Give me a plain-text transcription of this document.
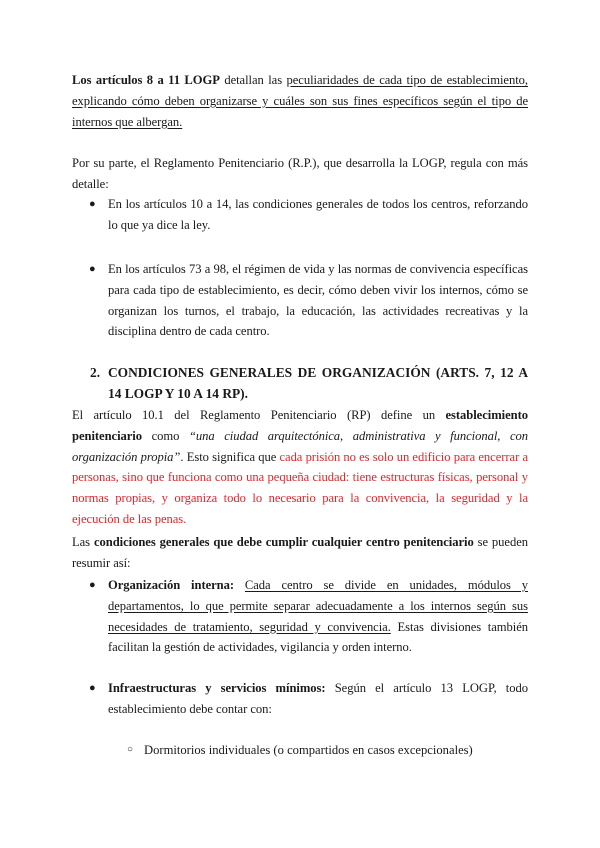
Los artículos 8 a 11 LOGP detallan las peculiaridades de cada tipo de establecimiento, explicando cómo deben organizarse y cuáles son sus fines específicos según el tipo de internos que albergan.
Por su parte, el Reglamento Penitenciario (R.P.), que desarrolla la LOGP, regula con más detalle:
● En los artículos 10 a 14, las condiciones generales de todos los centros, reforzando lo que ya dice la ley.
● En los artículos 73 a 98, el régimen de vida y las normas de convivencia específicas para cada tipo de establecimiento, es decir, cómo deben vivir los internos, cómo se organizan los turnos, el trabajo, la educación, las actividades recreativas y la disciplina dentro de cada centro.
2. CONDICIONES GENERALES DE ORGANIZACIÓN (ARTS. 7, 12 A 14 LOGP Y 10 A 14 RP).
El artículo 10.1 del Reglamento Penitenciario (RP) define un establecimiento penitenciario como “una ciudad arquitectónica, administrativa y funcional, con organización propia”. Esto significa que cada prisión no es solo un edificio para encerrar a personas, sino que funciona como una pequeña ciudad: tiene estructuras físicas, personal y normas propias, y organiza todo lo necesario para la convivencia, la seguridad y la ejecución de las penas.
Las condiciones generales que debe cumplir cualquier centro penitenciario se pueden resumir así:
● Organización interna: Cada centro se divide en unidades, módulos y departamentos, lo que permite separar adecuadamente a los internos según sus necesidades de tratamiento, seguridad y convivencia. Estas divisiones también facilitan la gestión de actividades, vigilancia y orden interno.
● Infraestructuras y servicios mínimos: Según el artículo 13 LOGP, todo establecimiento debe contar con:
○ Dormitorios individuales (o compartidos en casos excepcionales)
